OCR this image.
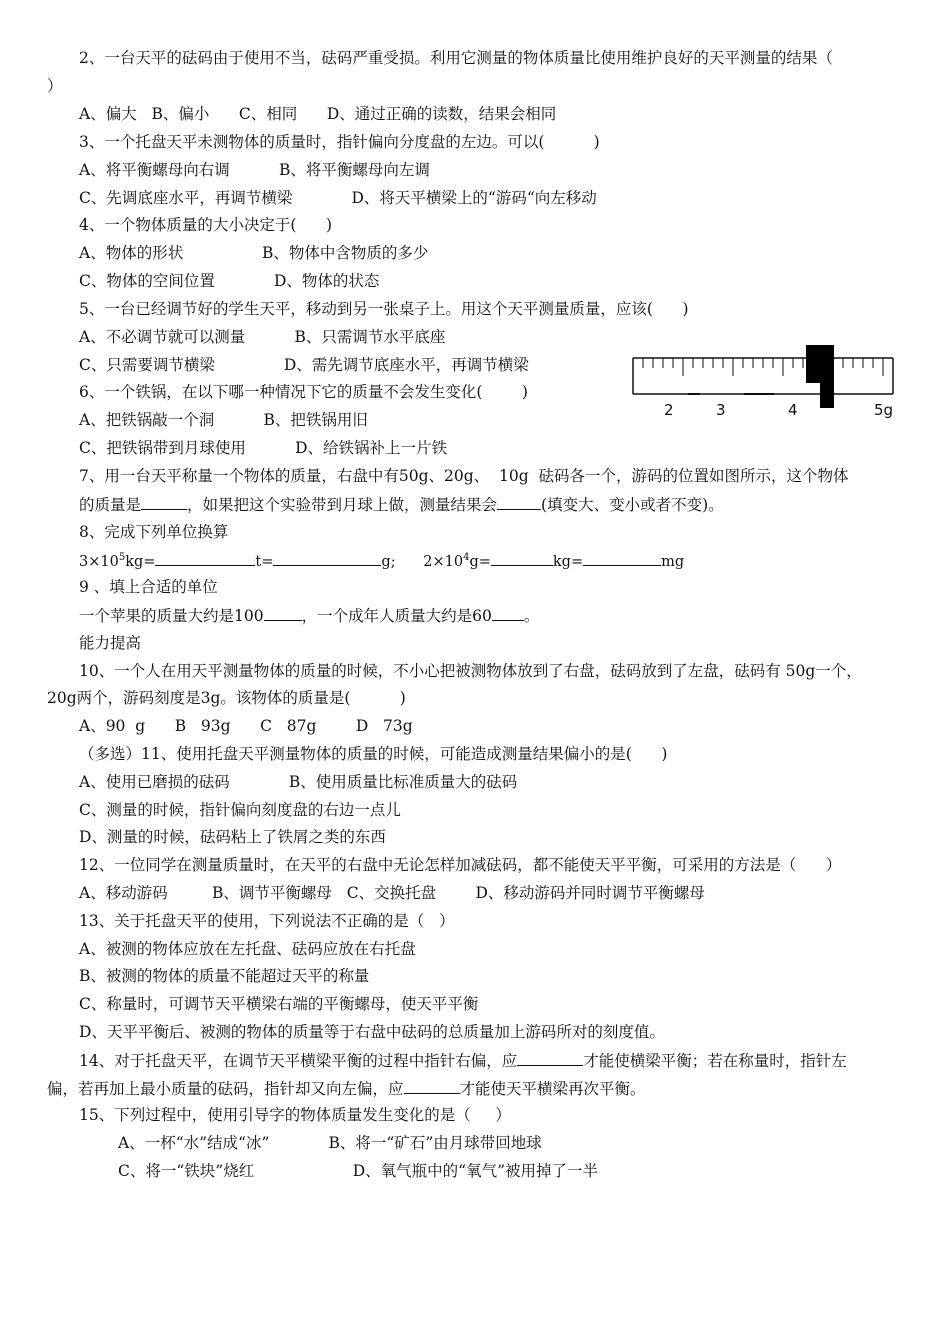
2、一台天平的砝码由于使用不当，砝码严重受损。利用它测量的物体质量比使用维护良好的天平测量的结果（
）
A、偏大   B、偏小      C、相同      D、通过正确的读数，结果会相同
3、一个托盘天平未测物体的质量时，指针偏向分度盘的左边。可以(          )
A、将平衡螺母向右调          B、将平衡螺母向左调
C、先调底座水平，再调节横梁            D、将天平横梁上的“游码“向左移动
4、一个物体质量的大小决定于(      )
A、物体的形状                B、物体中含物质的多少
C、物体的空间位置            D、物体的状态
5、一台已经调节好的学生天平，移动到另一张桌子上。用这个天平测量质量，应该(      )
A、不必调节就可以测量          B、只需调节水平底座
C、只需要调节横梁              D、需先调节底座水平，再调节横梁
6、一个铁锅，在以下哪一种情况下它的质量不会发生变化(        )
A、把铁锅敲一个洞          B、把铁锅用旧
C、把铁锅带到月球使用          D、给铁锅补上一片铁
2	3	4	5g
7、用一台天平称量一个物体的质量，右盘中有50g、20g、  10g  砝码各一个，游码的位置如图所示，这个物体
的质量是	，如果把这个实验带到月球上做，测量结果会	(填变大、变小或者不变)。
8、完成下列单位换算
$3\times 10^5kg=$	t=	g;      $2\times 10^4g=$	kg=	mg
9 、填上合适的单位
一个苹果的质量大约是100 ，一个成年人质量大约是60 。
能力提高
10、一个人在用天平测量物体的质量的时候，不小心把被测物体放到了右盘，砝码放到了左盘，砝码有 50g一个，
20g两个，游码刻度是3g。该物体的质量是(          )
A、90  g      B   93g      C   87g        D   73g
（多选）11、使用托盘天平测量物体的质量的时候，可能造成测量结果偏小的是(      )
A、使用已磨损的砝码            B、使用质量比标准质量大的砝码
C、测量的时候，指针偏向刻度盘的右边一点儿
D、测量的时候，砝码粘上了铁屑之类的东西
12、一位同学在测量质量时，在天平的右盘中无论怎样加减砝码，都不能使天平平衡，可采用的方法是（      ）
A、移动游码         B、调节平衡螺母   C、交换托盘        D、移动游码并同时调节平衡螺母
13、关于托盘天平的使用，下列说法不正确的是（   ）
A、被测的物体应放在左托盘、砝码应放在右托盘
B、被测的物体的质量不能超过天平的称量
C、称量时，可调节天平横梁右端的平衡螺母，使天平平衡
D、天平平衡后、被测的物体的质量等于右盘中砝码的总质量加上游码所对的刻度值。
14、对于托盘天平，在调节天平横梁平衡的过程中指针右偏，应	才能使横梁平衡；若在称量时，指针左
偏，若再加上最小质量的砝码，指针却又向左偏，应	才能使天平横梁再次平衡。
15、下列过程中，使用引导字的物体质量发生变化的是（     ）
A、一杯“水”结成“冰”            B、将一“矿石”由月球带回地球
C、将一“铁块”烧红                    D、氧气瓶中的“氧气”被用掉了一半
